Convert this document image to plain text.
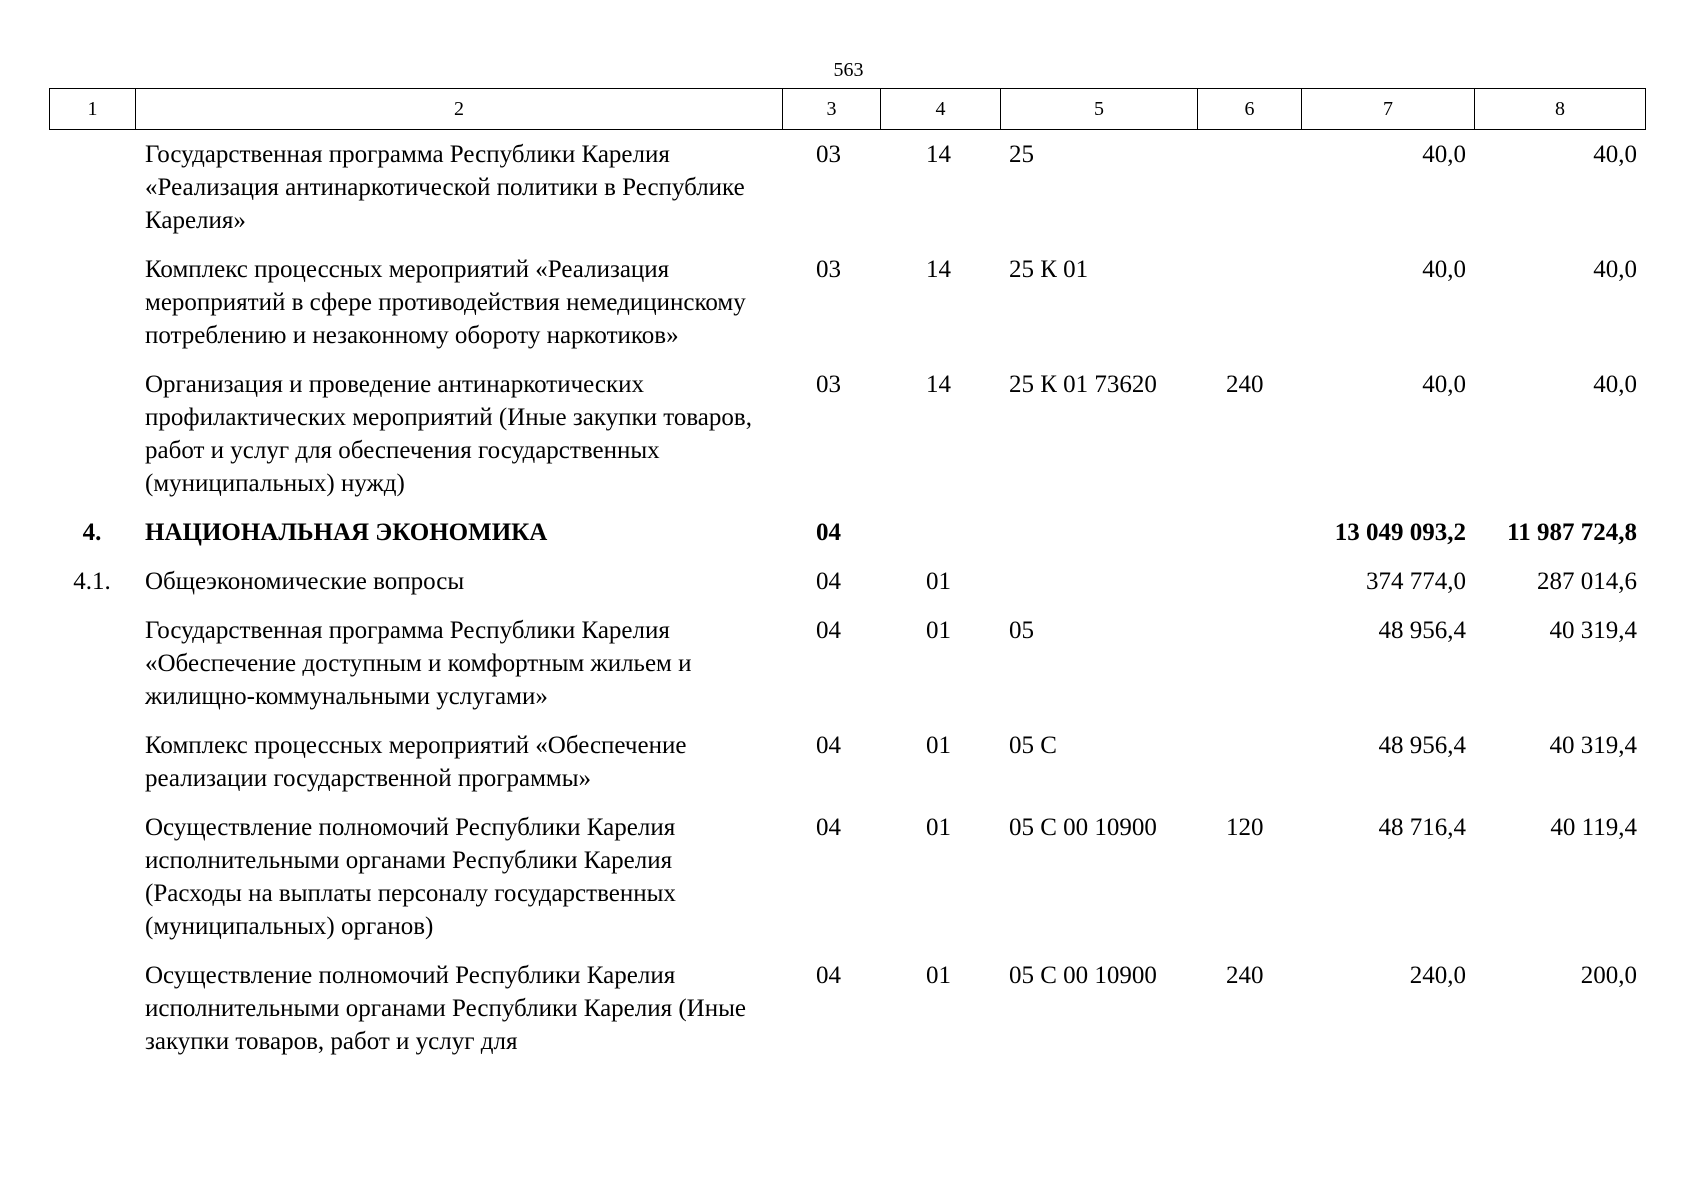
563
1	2	3	4	5	6	7	8
	Государственная программа Республики Карелия «Реализация антинаркотической политики в Республике Карелия»	03	14	25		40,0	40,0
	Комплекс процессных мероприятий «Реализация мероприятий в сфере противодействия немедицинскому потреблению и незаконному обороту наркотиков»	03	14	25 К 01		40,0	40,0
	Организация и проведение антинаркотических профилактических мероприятий (Иные закупки товаров, работ и услуг для обеспечения государственных (муниципальных) нужд)	03	14	25 К 01 73620	240	40,0	40,0
4.	НАЦИОНАЛЬНАЯ ЭКОНОМИКА	04				13 049 093,2	11 987 724,8
4.1.	Общеэкономические вопросы	04	01			374 774,0	287 014,6
	Государственная программа Республики Карелия «Обеспечение доступным и комфортным жильем и жилищно-коммунальными услугами»	04	01	05		48 956,4	40 319,4
	Комплекс процессных мероприятий «Обеспечение реализации государственной программы»	04	01	05 С		48 956,4	40 319,4
	Осуществление полномочий Республики Карелия исполнительными органами Республики Карелия (Расходы на выплаты персоналу государственных (муниципальных) органов)	04	01	05 С 00 10900	120	48 716,4	40 119,4
	Осуществление полномочий Республики Карелия исполнительными органами Республики Карелия (Иные закупки товаров, работ и услуг для	04	01	05 С 00 10900	240	240,0	200,0
